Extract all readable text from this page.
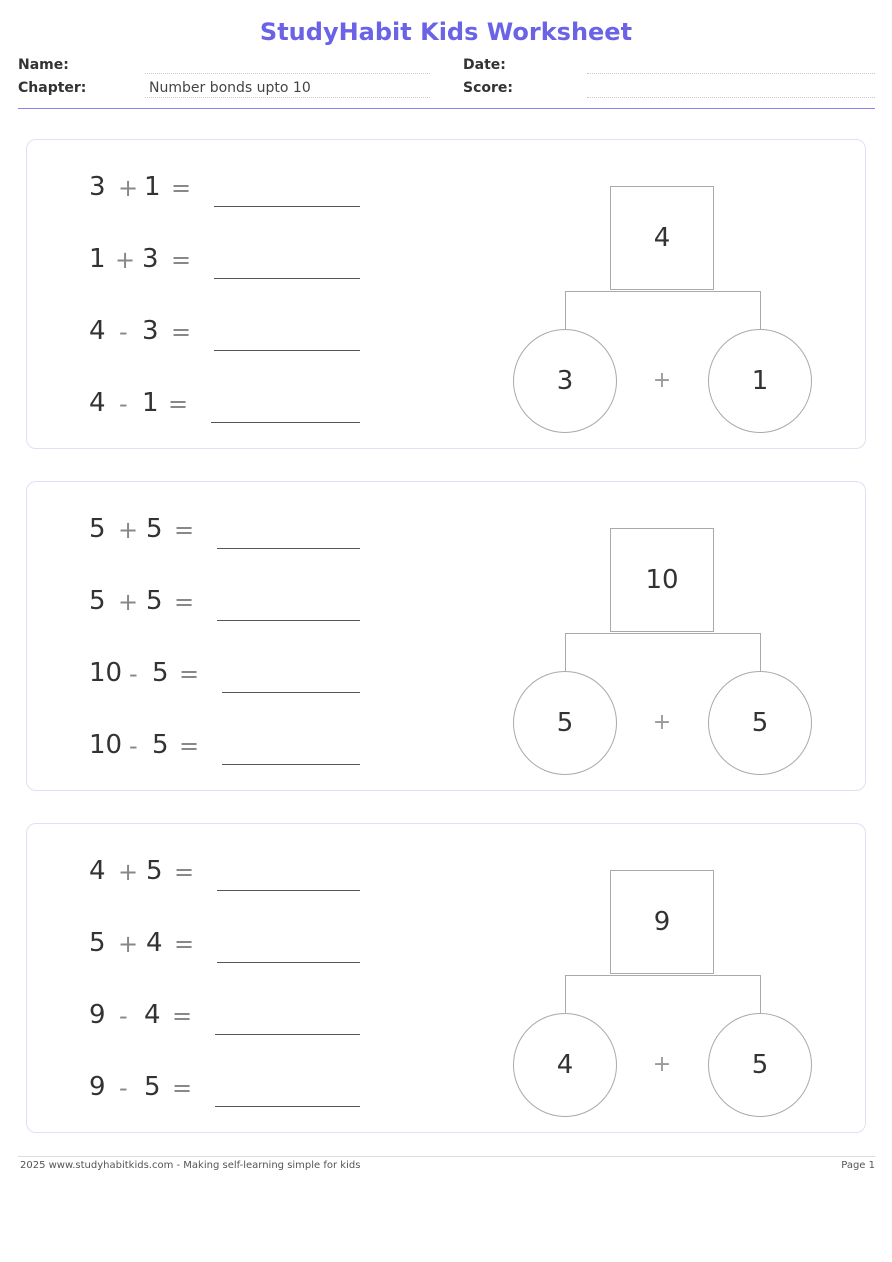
StudyHabit Kids Worksheet
Name:
Chapter:	Number bonds upto 10
Date:
Score:
3 + 1 =
1 + 3 =
4 - 3 =
4 - 1 =
4
3	+	1
5 + 5 =
5 + 5 =
10 - 5 =
10 - 5 =
10
5	+	5
4 + 5 =
5 + 4 =
9 - 4 =
9 - 5 =
9
4	+	5
2025 www.studyhabitkids.com - Making self-learning simple for kids	Page 1
